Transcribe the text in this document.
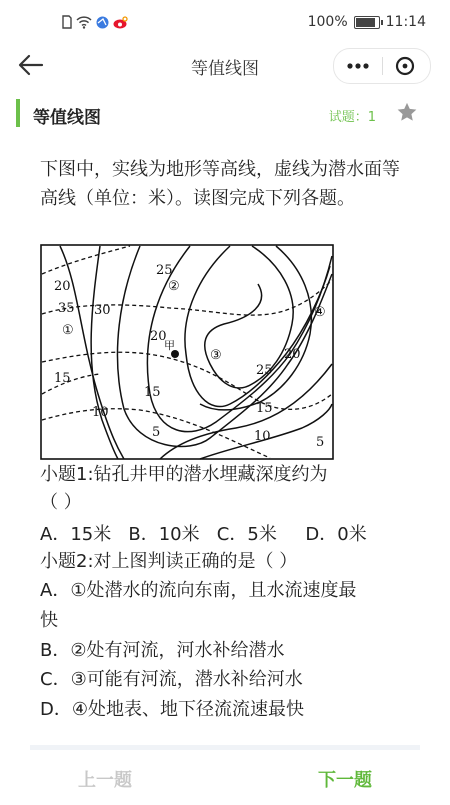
100%	11:14
等值线图
等值线图	试题：1
下图中，实线为地形等高线，虚线为潜水面等高线（单位：米）。读图完成下列各题。
20
35
①
30
25
②
20
甲
③
15
15
10
5
25
④
20
15
10	5
小题1:钻孔井甲的潜水埋藏深度约为
（ ）
A．15米   B．10米   C．5米     D．0米
小题2:对上图判读正确的是（ ）
A．①处潜水的流向东南，且水流速度最
快
B．②处有河流，河水补给潜水
C．③可能有河流，潜水补给河水
D．④处地表、地下径流流速最快
上一题	下一题
